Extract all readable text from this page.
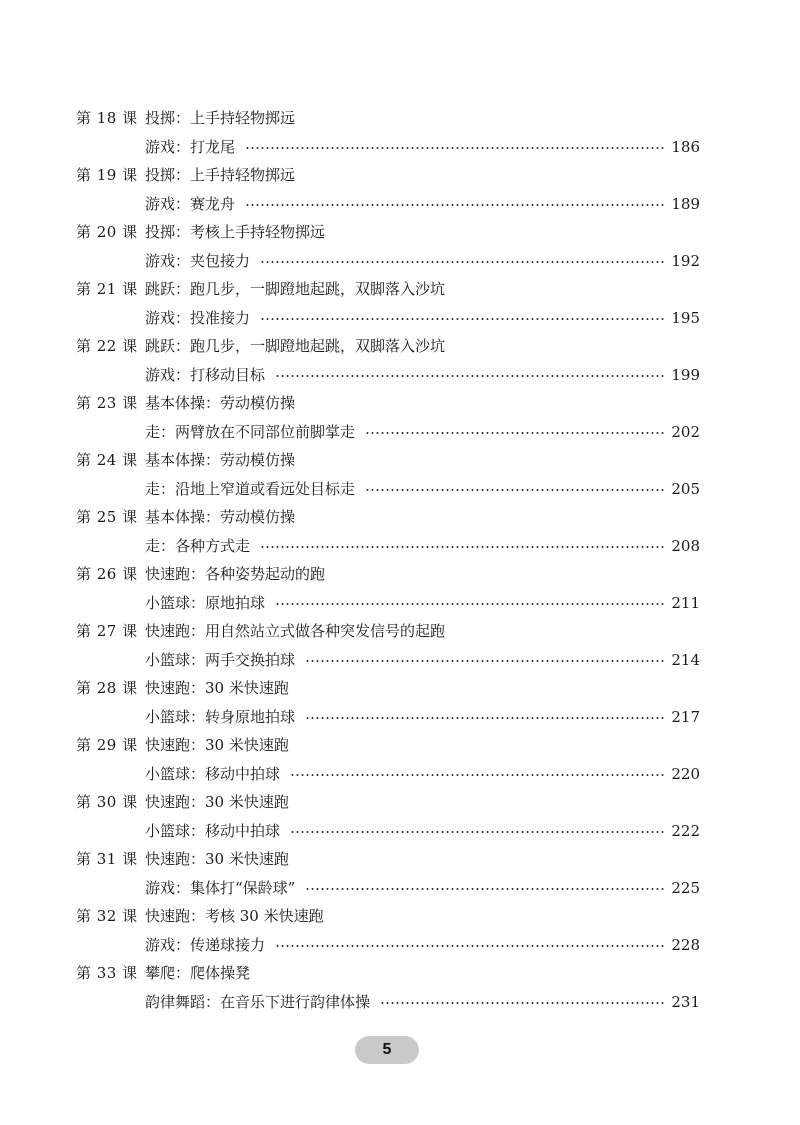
第 18 课 投掷：上手持轻物掷远
游戏：打龙尾	186
第 19 课 投掷：上手持轻物掷远
游戏：赛龙舟	189
第 20 课 投掷：考核上手持轻物掷远
游戏：夹包接力	192
第 21 课 跳跃：跑几步，一脚蹬地起跳，双脚落入沙坑
游戏：投准接力	195
第 22 课 跳跃：跑几步，一脚蹬地起跳，双脚落入沙坑
游戏：打移动目标	199
第 23 课 基本体操：劳动模仿操
走：两臂放在不同部位前脚掌走	202
第 24 课 基本体操：劳动模仿操
走：沿地上窄道或看远处目标走	205
第 25 课 基本体操：劳动模仿操
走：各种方式走	208
第 26 课 快速跑：各种姿势起动的跑
小篮球：原地拍球	211
第 27 课 快速跑：用自然站立式做各种突发信号的起跑
小篮球：两手交换拍球	214
第 28 课 快速跑：30 米快速跑
小篮球：转身原地拍球	217
第 29 课 快速跑：30 米快速跑
小篮球：移动中拍球	220
第 30 课 快速跑：30 米快速跑
小篮球：移动中拍球	222
第 31 课 快速跑：30 米快速跑
游戏：集体打“保龄球”	225
第 32 课 快速跑：考核 30 米快速跑
游戏：传递球接力	228
第 33 课 攀爬：爬体操凳
韵律舞蹈：在音乐下进行韵律体操	231
5
